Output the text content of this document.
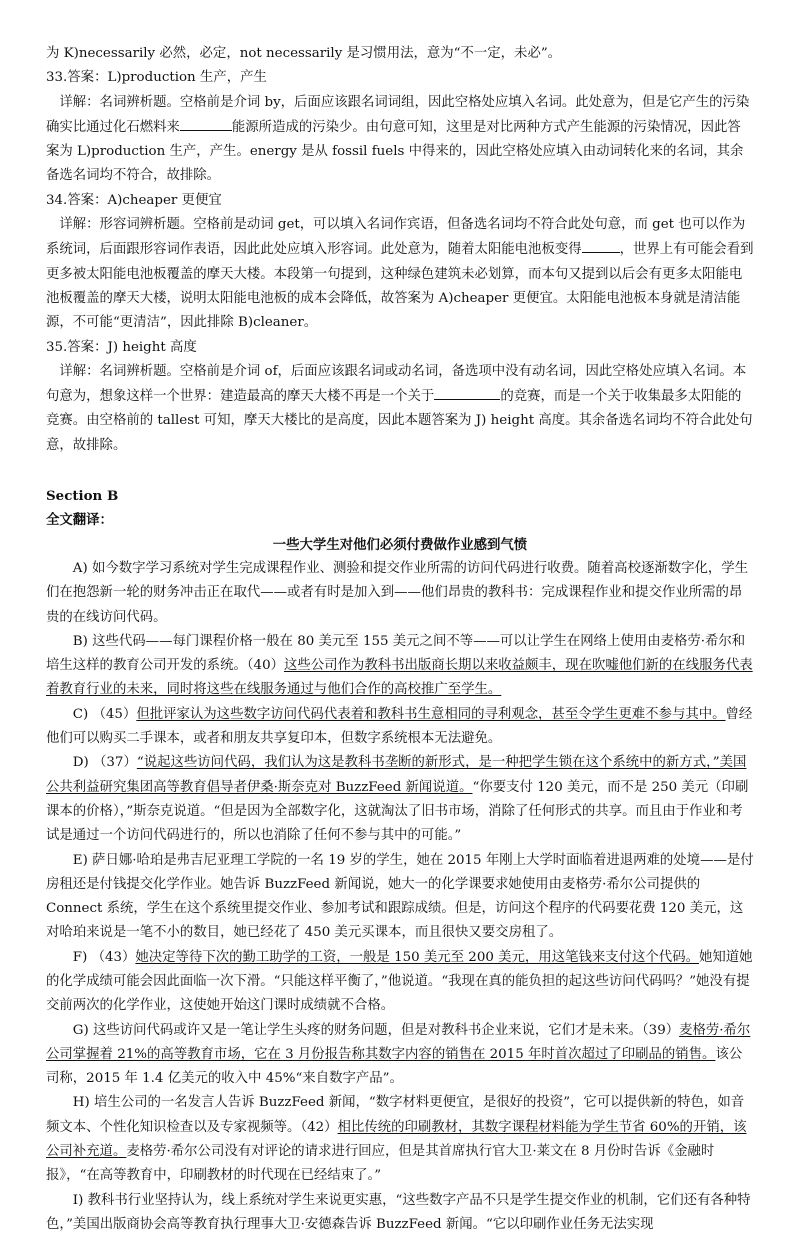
为 K)necessarily 必然，必定，not necessarily 是习惯用法，意为“不一定，未必”。

33.答案：L)production 生产，产生

详解：名词辨析题。空格前是介词 by，后面应该跟名词词组，因此空格处应填入名词。此处意为，但是它产生的污染确实比通过化石燃料来	能源所造成的污染少。由句意可知，这里是对比两种方式产生能源的污染情况，因此答案为 L)production 生产，产生。energy 是从 fossil fuels 中得来的，因此空格处应填入由动词转化来的名词，其余备选名词均不符合，故排除。

34.答案：A)cheaper 更便宜

详解：形容词辨析题。空格前是动词 get，可以填入名词作宾语，但备选名词均不符合此处句意，而 get 也可以作为系统词，后面跟形容词作表语，因此此处应填入形容词。此处意为，随着太阳能电池板变得	，世界上有可能会看到更多被太阳能电池板覆盖的摩天大楼。本段第一句提到，这种绿色建筑未必划算，而本句又提到以后会有更多太阳能电池板覆盖的摩天大楼，说明太阳能电池板的成本会降低，故答案为 A)cheaper 更便宜。太阳能电池板本身就是清洁能源，不可能“更清洁”，因此排除 B)cleaner。

35.答案：J) height 高度

详解：名词辨析题。空格前是介词 of，后面应该跟名词或动名词，备选项中没有动名词，因此空格处应填入名词。本句意为，想象这样一个世界：建造最高的摩天大楼不再是一个关于	的竞赛，而是一个关于收集最多太阳能的竞赛。由空格前的 tallest 可知，摩天大楼比的是高度，因此本题答案为 J) height 高度。其余备选名词均不符合此处句意，故排除。

Section B

全文翻译：

一些大学生对他们必须付费做作业感到气愤

A) 如今数字学习系统对学生完成课程作业、测验和提交作业所需的访问代码进行收费。随着高校逐渐数字化，学生们在抱怨新一轮的财务冲击正在取代——或者有时是加入到——他们昂贵的教科书：完成课程作业和提交作业所需的昂贵的在线访问代码。

B) 这些代码——每门课程价格一般在 80 美元至 155 美元之间不等——可以让学生在网络上使用由麦格劳·希尔和培生这样的教育公司开发的系统。（40）这些公司作为教科书出版商长期以来收益颇丰，现在吹嘘他们新的在线服务代表着教育行业的未来，同时将这些在线服务通过与他们合作的高校推广至学生。

C) （45）但批评家认为这些数字访问代码代表着和教科书生意相同的寻利观念，甚至令学生更难不参与其中。曾经他们可以购买二手课本，或者和朋友共享复印本，但数字系统根本无法避免。

D) （37）“说起这些访问代码，我们认为这是教科书垄断的新形式，是一种把学生锁在这个系统中的新方式，”美国公共利益研究集团高等教育倡导者伊桑·斯奈克对 BuzzFeed 新闻说道。“你要支付 120 美元，而不是 250 美元（印刷课本的价格），”斯奈克说道。“但是因为全部数字化，这就淘汰了旧书市场，消除了任何形式的共享。而且由于作业和考试是通过一个访问代码进行的，所以也消除了任何不参与其中的可能。”

E) 萨日娜·哈珀是弗吉尼亚理工学院的一名 19 岁的学生，她在 2015 年刚上大学时面临着进退两难的处境——是付房租还是付钱提交化学作业。她告诉 BuzzFeed 新闻说，她大一的化学课要求她使用由麦格劳·希尔公司提供的 Connect 系统，学生在这个系统里提交作业、参加考试和跟踪成绩。但是，访问这个程序的代码要花费 120 美元，这对哈珀来说是一笔不小的数目，她已经花了 450 美元买课本，而且很快又要交房租了。

F) （43）她决定等待下次的勤工助学的工资，一般是 150 美元至 200 美元，用这笔钱来支付这个代码。她知道她的化学成绩可能会因此面临一次下滑。“只能这样平衡了，”他说道。“我现在真的能负担的起这些访问代码吗？”她没有提交前两次的化学作业，这使她开始这门课时成绩就不合格。

G) 这些访问代码或许又是一笔让学生头疼的财务问题，但是对教科书企业来说，它们才是未来。（39）麦格劳·希尔公司掌握着 21%的高等教育市场，它在 3 月份报告称其数字内容的销售在 2015 年时首次超过了印刷品的销售。该公司称，2015 年 1.4 亿美元的收入中 45%“来自数字产品”。

H) 培生公司的一名发言人告诉 BuzzFeed 新闻，“数字材料更便宜，是很好的投资”，它可以提供新的特色，如音频文本、个性化知识检查以及专家视频等。（42）相比传统的印刷教材，其数字课程材料能为学生节省 60%的开销，该公司补充道。麦格劳·希尔公司没有对评论的请求进行回应，但是其首席执行官大卫·莱文在 8 月份时告诉《金融时报》，“在高等教育中，印刷教材的时代现在已经结束了。”

I) 教科书行业坚持认为，线上系统对学生来说更实惠，“这些数字产品不只是学生提交作业的机制，它们还有各种特色，”美国出版商协会高等教育执行理事大卫·安德森告诉 BuzzFeed 新闻。“它以印刷作业任务无法实现
